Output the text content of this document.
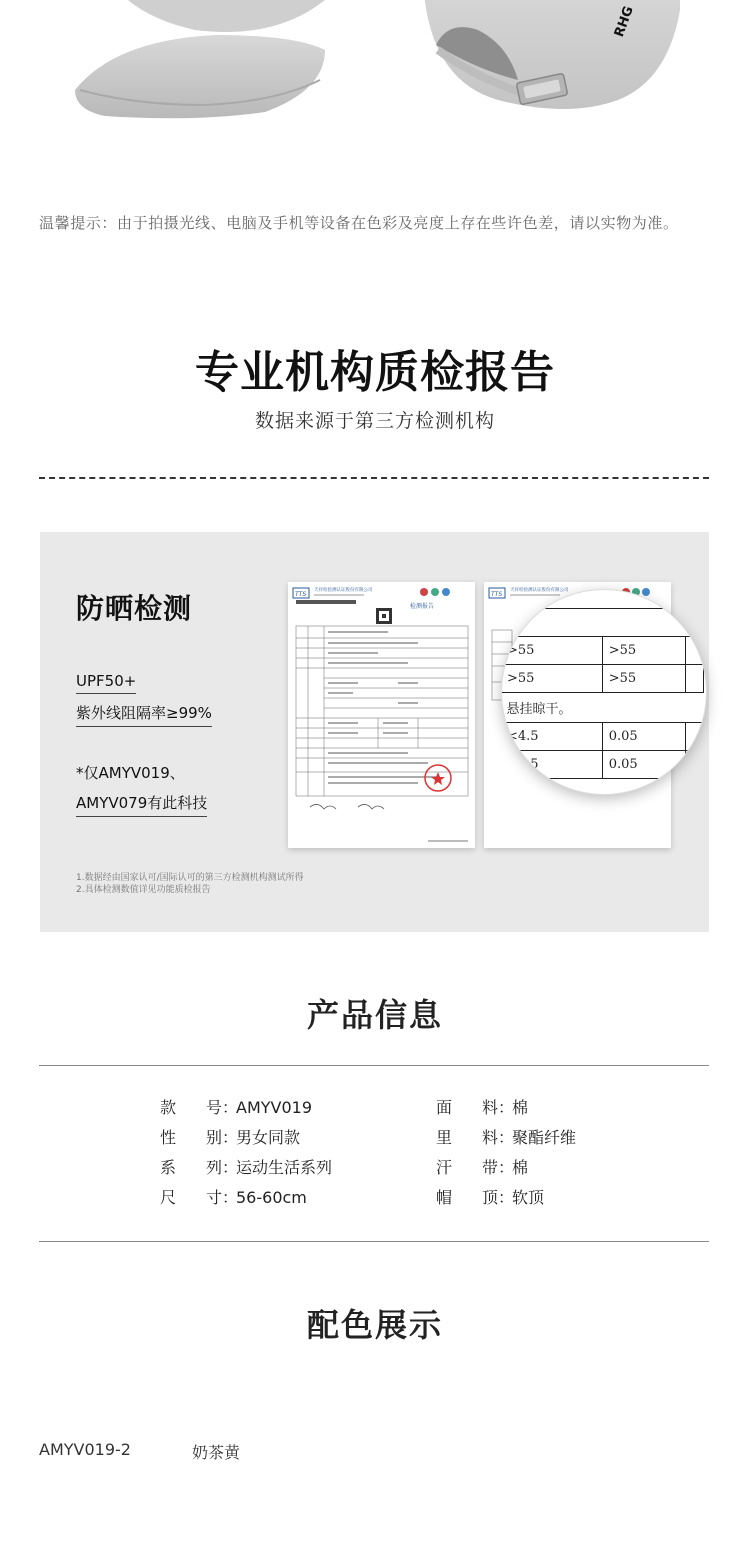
RHG
温馨提示：由于拍摄光线、电脑及手机等设备在色彩及亮度上存在些许色差，请以实物为准。
专业机构质检报告
数据来源于第三方检测机构
防晒检测
UPF50+
紫外线阻隔率≥99%
*仅AMYV019、
AMYV079有此科技
TTS
天祥检验测认证股份有限公司
检测报告
TTS
天祥检验测认证股份有限公司
>55	>55	
>55	>55	
悬挂晾干。		
<4.5	0.05	
<4.5	0.05	
1.数据经由国家认可/国际认可的第三方检测机构测试所得
2.具体检测数值详见功能质检报告
产品信息
款号：AMYV019
性别：男女同款
系列：运动生活系列
尺寸：56-60cm
面料：棉
里料：聚酯纤维
汗带：棉
帽顶：软顶
配色展示
AMYV019-2	奶茶黄
